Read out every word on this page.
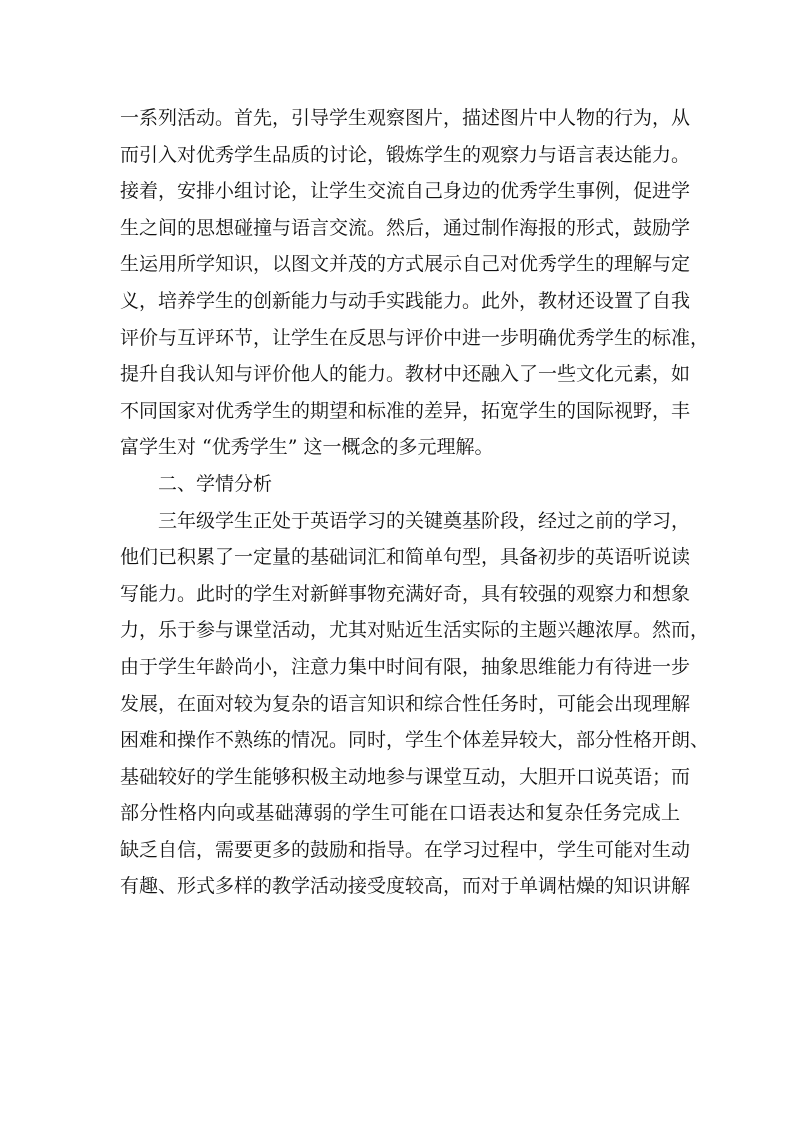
一系列活动。首先，引导学生观察图片，描述图片中人物的行为，从
而引入对优秀学生品质的讨论，锻炼学生的观察力与语言表达能力。
接着，安排小组讨论，让学生交流自己身边的优秀学生事例，促进学
生之间的思想碰撞与语言交流。然后，通过制作海报的形式，鼓励学
生运用所学知识，以图文并茂的方式展示自己对优秀学生的理解与定
义，培养学生的创新能力与动手实践能力。此外，教材还设置了自我
评价与互评环节，让学生在反思与评价中进一步明确优秀学生的标准，
提升自我认知与评价他人的能力。教材中还融入了一些文化元素，如
不同国家对优秀学生的期望和标准的差异，拓宽学生的国际视野，丰
富学生对 “优秀学生” 这一概念的多元理解。
二、学情分析
三年级学生正处于英语学习的关键奠基阶段，经过之前的学习，
他们已积累了一定量的基础词汇和简单句型，具备初步的英语听说读
写能力。此时的学生对新鲜事物充满好奇，具有较强的观察力和想象
力，乐于参与课堂活动，尤其对贴近生活实际的主题兴趣浓厚。然而，
由于学生年龄尚小，注意力集中时间有限，抽象思维能力有待进一步
发展，在面对较为复杂的语言知识和综合性任务时，可能会出现理解
困难和操作不熟练的情况。同时，学生个体差异较大，部分性格开朗、
基础较好的学生能够积极主动地参与课堂互动，大胆开口说英语；而
部分性格内向或基础薄弱的学生可能在口语表达和复杂任务完成上
缺乏自信，需要更多的鼓励和指导。在学习过程中，学生可能对生动
有趣、形式多样的教学活动接受度较高，而对于单调枯燥的知识讲解
